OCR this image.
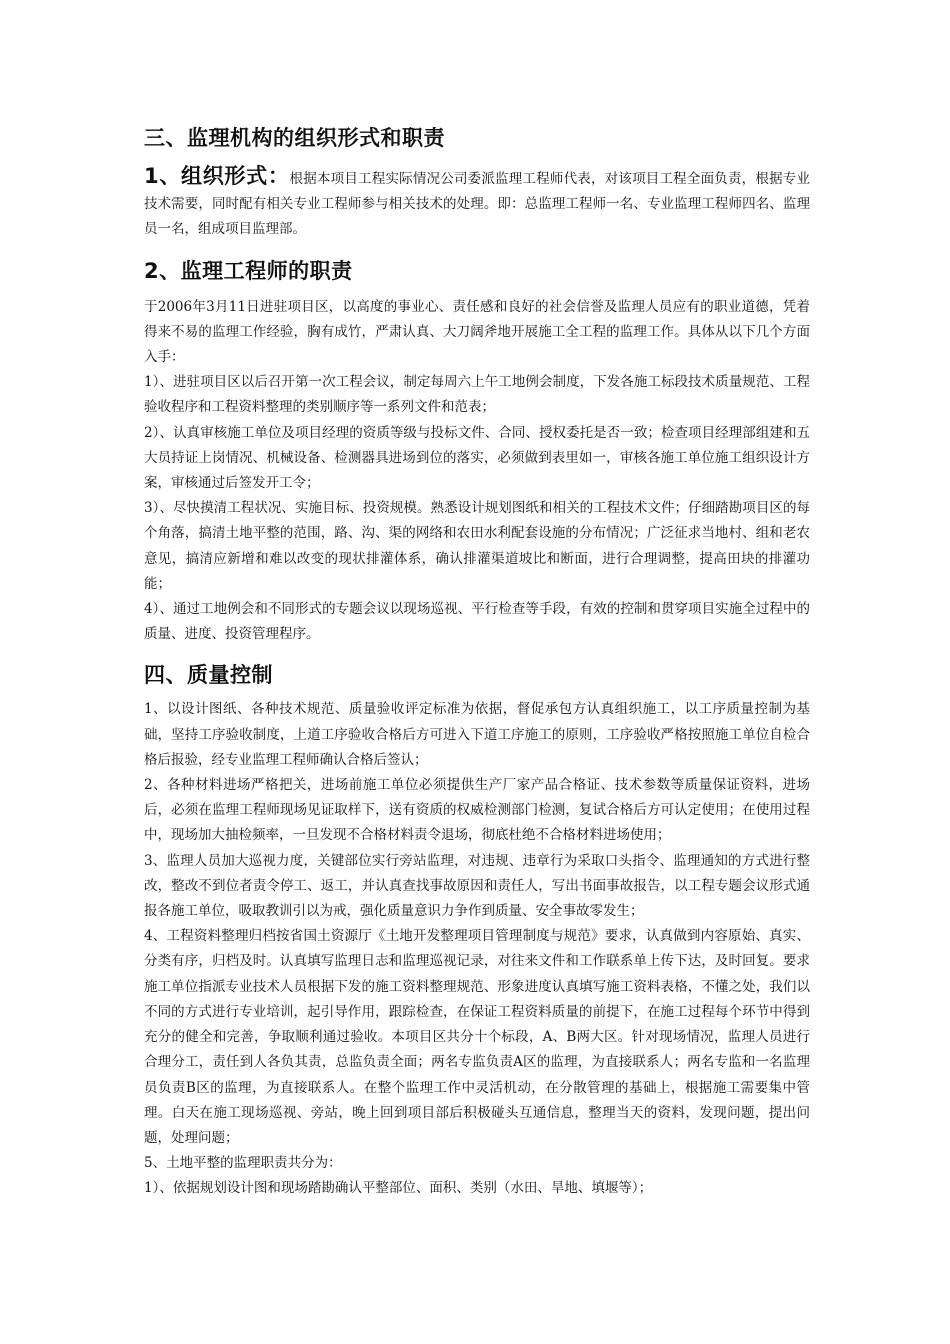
三、监理机构的组织形式和职责

1、组织形式：根据本项目工程实际情况公司委派监理工程师代表，对该项目工程全面负责，根据专业技术需要，同时配有相关专业工程师参与相关技术的处理。即：总监理工程师一名、专业监理工程师四名、监理员一名，组成项目监理部。

2、监理工程师的职责

于2006年3月11日进驻项目区，以高度的事业心、责任感和良好的社会信誉及监理人员应有的职业道德，凭着得来不易的监理工作经验，胸有成竹，严肃认真、大刀阔斧地开展施工全工程的监理工作。具体从以下几个方面入手：

1）、进驻项目区以后召开第一次工程会议，制定每周六上午工地例会制度，下发各施工标段技术质量规范、工程验收程序和工程资料整理的类别顺序等一系列文件和范表；

2）、认真审核施工单位及项目经理的资质等级与投标文件、合同、授权委托是否一致；检查项目经理部组建和五大员持证上岗情况、机械设备、检测器具进场到位的落实，必须做到表里如一，审核各施工单位施工组织设计方案，审核通过后签发开工令；

3）、尽快摸清工程状况、实施目标、投资规模。熟悉设计规划图纸和相关的工程技术文件；仔细踏勘项目区的每个角落，搞清土地平整的范围，路、沟、渠的网络和农田水利配套设施的分布情况；广泛征求当地村、组和老农意见，搞清应新增和难以改变的现状排灌体系，确认排灌渠道坡比和断面，进行合理调整，提高田块的排灌功能；

4）、通过工地例会和不同形式的专题会议以现场巡视、平行检查等手段，有效的控制和贯穿项目实施全过程中的质量、进度、投资管理程序。

四、质量控制

1、以设计图纸、各种技术规范、质量验收评定标准为依据，督促承包方认真组织施工，以工序质量控制为基础，坚持工序验收制度，上道工序验收合格后方可进入下道工序施工的原则，工序验收严格按照施工单位自检合格后报验，经专业监理工程师确认合格后签认；

2、各种材料进场严格把关，进场前施工单位必须提供生产厂家产品合格证、技术参数等质量保证资料，进场后，必须在监理工程师现场见证取样下，送有资质的权威检测部门检测，复试合格后方可认定使用；在使用过程中，现场加大抽检频率，一旦发现不合格材料责令退场，彻底杜绝不合格材料进场使用；

3、监理人员加大巡视力度，关键部位实行旁站监理，对违规、违章行为采取口头指令、监理通知的方式进行整改，整改不到位者责令停工、返工，并认真查找事故原因和责任人，写出书面事故报告，以工程专题会议形式通报各施工单位，吸取教训引以为戒，强化质量意识力争作到质量、安全事故零发生；

4、工程资料整理归档按省国土资源厅《土地开发整理项目管理制度与规范》要求，认真做到内容原始、真实、分类有序，归档及时。认真填写监理日志和监理巡视记录，对往来文件和工作联系单上传下达，及时回复。要求施工单位指派专业技术人员根据下发的施工资料整理规范、形象进度认真填写施工资料表格，不懂之处，我们以不同的方式进行专业培训，起引导作用，跟踪检查，在保证工程资料质量的前提下，在施工过程每个环节中得到充分的健全和完善，争取顺利通过验收。本项目区共分十个标段，A、B两大区。针对现场情况，监理人员进行合理分工，责任到人各负其责，总监负责全面；两名专监负责A区的监理，为直接联系人；两名专监和一名监理员负责B区的监理，为直接联系人。在整个监理工作中灵活机动，在分散管理的基础上，根据施工需要集中管理。白天在施工现场巡视、旁站，晚上回到项目部后积极碰头互通信息，整理当天的资料，发现问题，提出问题，处理问题；

5、土地平整的监理职责共分为：

1）、依据规划设计图和现场踏勘确认平整部位、面积、类别（水田、旱地、填堰等）；
